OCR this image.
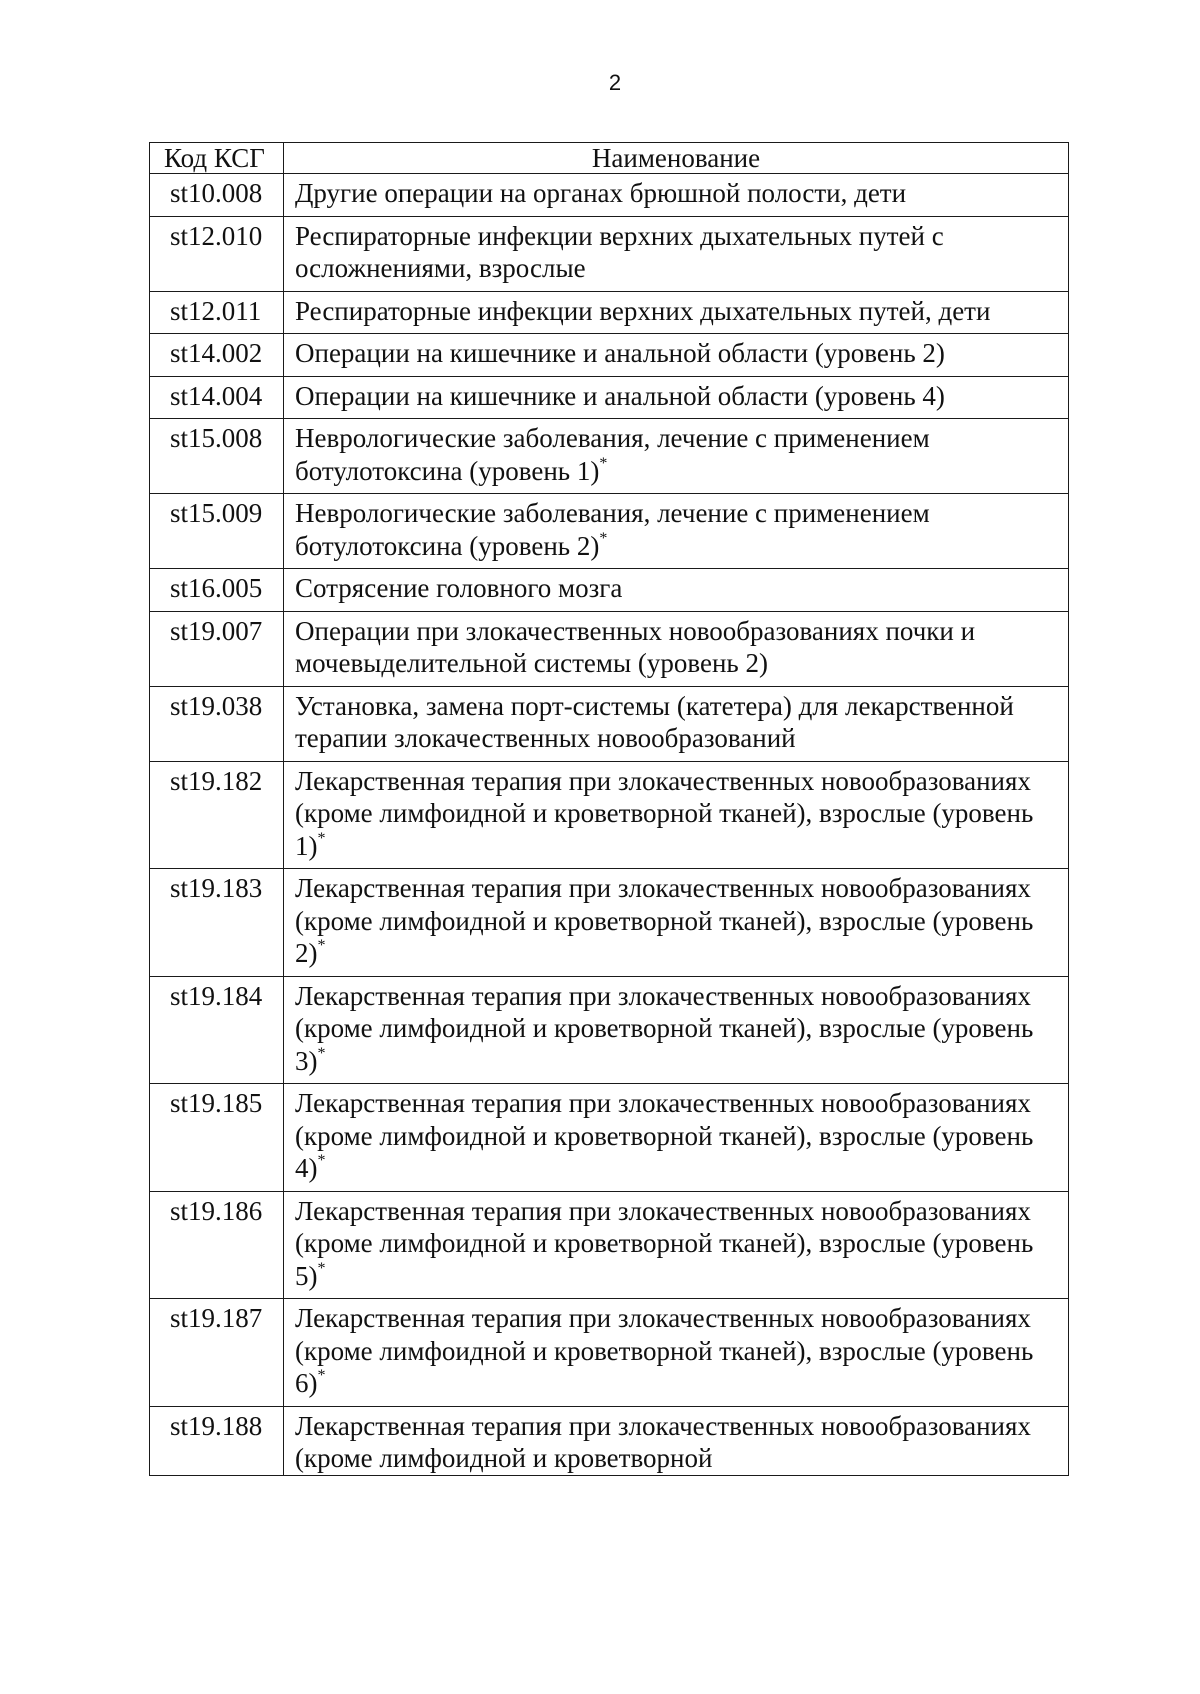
2
Код КСГ	Наименование
st10.008	Другие операции на органах брюшной полости, дети
st12.010	Респираторные инфекции верхних дыхательных путей с осложнениями, взрослые
st12.011	Респираторные инфекции верхних дыхательных путей, дети
st14.002	Операции на кишечнике и анальной области (уровень 2)
st14.004	Операции на кишечнике и анальной области (уровень 4)
st15.008	Неврологические заболевания, лечение с применением ботулотоксина (уровень 1)*
st15.009	Неврологические заболевания, лечение с применением ботулотоксина (уровень 2)*
st16.005	Сотрясение головного мозга
st19.007	Операции при злокачественных новообразованиях почки и мочевыделительной системы (уровень 2)
st19.038	Установка, замена порт-системы (катетера) для лекарственной терапии злокачественных новообразований
st19.182	Лекарственная терапия при злокачественных новообразованиях (кроме лимфоидной и кроветворной тканей), взрослые (уровень 1)*
st19.183	Лекарственная терапия при злокачественных новообразованиях (кроме лимфоидной и кроветворной тканей), взрослые (уровень 2)*
st19.184	Лекарственная терапия при злокачественных новообразованиях (кроме лимфоидной и кроветворной тканей), взрослые (уровень 3)*
st19.185	Лекарственная терапия при злокачественных новообразованиях (кроме лимфоидной и кроветворной тканей), взрослые (уровень 4)*
st19.186	Лекарственная терапия при злокачественных новообразованиях (кроме лимфоидной и кроветворной тканей), взрослые (уровень 5)*
st19.187	Лекарственная терапия при злокачественных новообразованиях (кроме лимфоидной и кроветворной тканей), взрослые (уровень 6)*
st19.188	Лекарственная терапия при злокачественных новообразованиях (кроме лимфоидной и кроветворной
